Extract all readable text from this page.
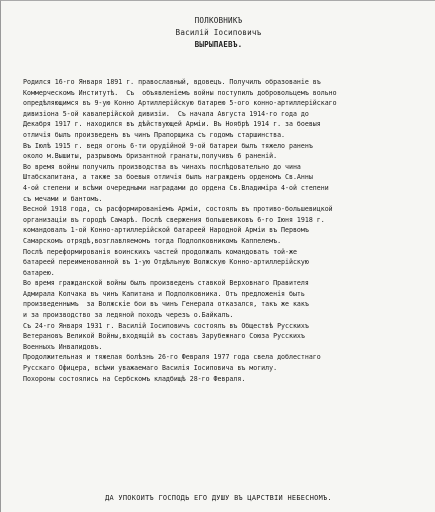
ПОЛКОВНИКЪ
Василiй Iосиповичъ
ВЫРЫПАЕВЪ.
Родился 16-го Января 1891 г. православный, вдовецъ. Получилъ образованiе въ
Коммерческомъ Институтѣ.  Съ  объявленiемъ войны поступилъ добровольцемъ вольно
опредѣляющимся въ 9-ую Конно Артиллерiйскую батарею 5-ого конно-артиллерiйскаго
дивизiона 5-ой кавалерiйской дивизiи.  Съ начала Августа 1914-го года до
Декабря 1917 г. находился въ дѣйствующей Армiи. Въ Ноябрѣ 1914 г. за боевыя
отличiя былъ произведенъ въ чинъ Прапорщика съ годомъ старшинства.
Въ Iюлѣ 1915 г. ведя огонь 6-ти орудiйной 9-ой батареи былъ тяжело раненъ
около м.Вышиты, разрывомъ бризантной гранаты,получивъ 6 раненiй.
Во время войны получилъ производства въ чинахъ послѣдовательно до чина
Штабскапитана, а также за боевыя отличiя былъ награжденъ орденомъ Св.Анны
4-ой степени и всѣми очередными наградами до ордена Св.Владимiра 4-ой степени
съ мечами и бантомъ.
Весной 1918 года, съ расформированiемъ Армiи, состоялъ въ противо-большевицкой
организацiи въ городѣ Самарѣ. Послѣ свержения большевиковъ 6-го Iюня 1918 г.
командовалъ 1-ой Конно-артиллерiйской батареей Народной Армiи въ Первомъ
Самарскомъ отрядѣ,возглавляемомъ тогда Подполковникомъ Каппелемъ.
Послѣ переформированiя воинскихъ частей продолжалъ командовать той-же
батареей переименованной въ 1-ую Отдѣльную Волжскую Конно-артиллерiйскую
батарею.
Во время гражданской войны былъ произведенъ ставкой Верховнаго Правителя
Адмирала Колчака въ чинъ Капитана и Подполковника. Отъ предложенiя быть
произведеннымъ  за Волжскiе бои въ чинъ Генерала отказался, такъ же какъ
и за производство за ледяной походъ черезъ о.Байкалъ.
Съ 24-го Января 1931 г. Василiй Iосиповичъ состоялъ въ Обществѣ Русскихъ
Ветерановъ Великой Войны,входящiй въ составъ Зарубежнаго Союза Русскихъ
Военныхъ Инвалидовъ.
Продолжительная и тяжелая болѣзнь 26-го Февраля 1977 года свела доблестнаго
Русскаго Офицера, всѣми уважаемаго Василiя Iосиповича въ могилу.
Похороны состоялись на Сербскомъ кладбищѣ 28-го Февраля.
ДА УПОКОИТЪ ГОСПОДЬ ЕГО ДУШУ ВЪ ЦАРСТВIИ НЕБЕСНОМЪ.
